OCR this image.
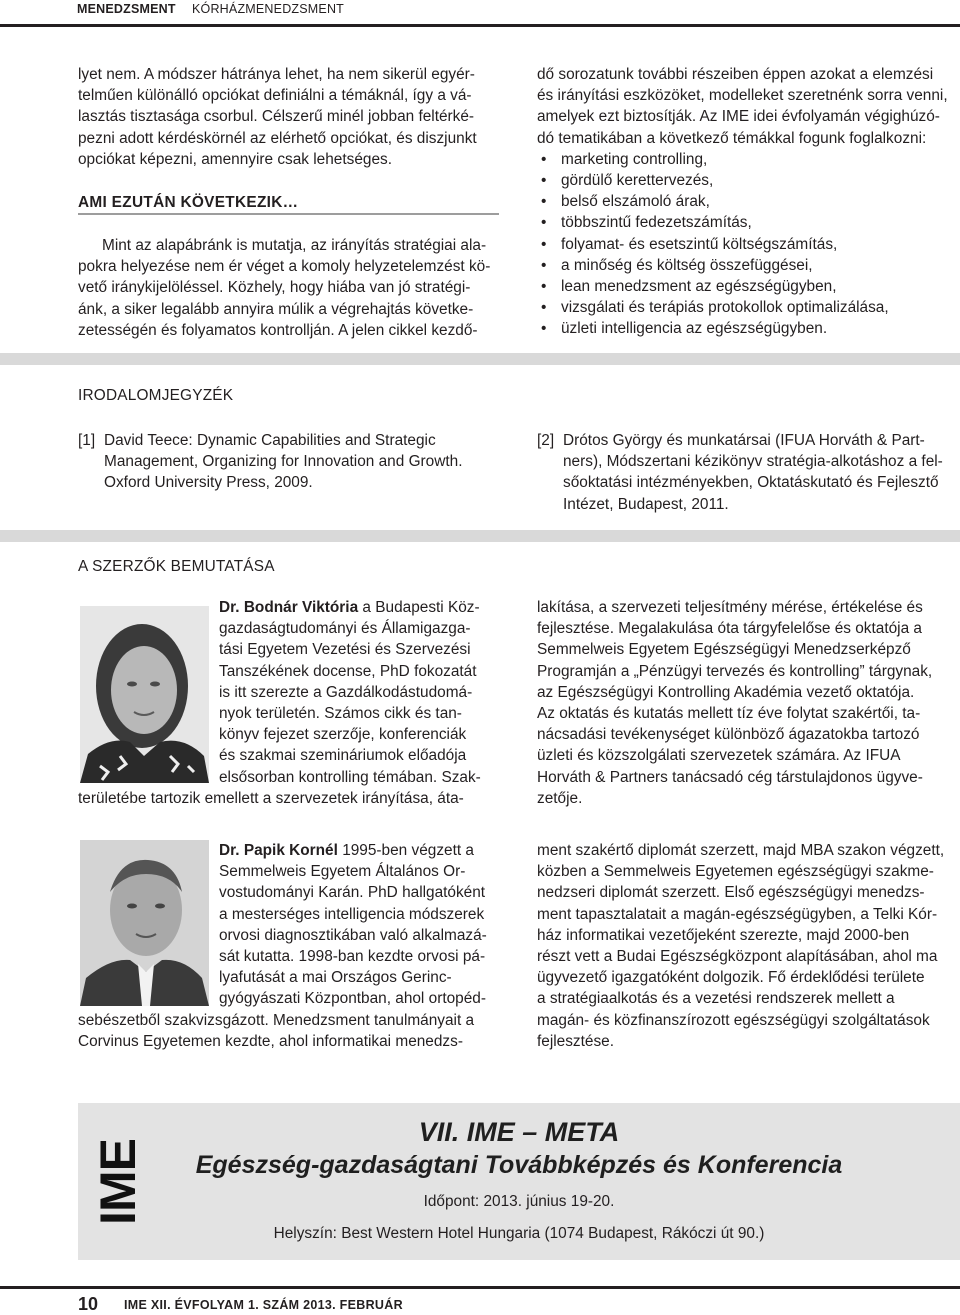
MENEDZSMENT KÓRHÁZMENEDZSMENT

lyet nem. A módszer hátránya lehet, ha nem sikerül egyér-

telműen különálló opciókat definiálni a témáknál, így a vá-

lasztás tisztasága csorbul. Célszerű minél jobban feltérké-

pezni adott kérdéskörnél az elérhető opciókat, és diszjunkt

opciókat képezni, amennyire csak lehetséges.

AMI EZUTÁN KÖVETKEZIK…

Mint az alapábránk is mutatja, az irányítás stratégiai ala-

pokra helyezése nem ér véget a komoly helyzetelemzést kö-

vető iránykijelöléssel. Közhely, hogy hiába van jó stratégi-

ánk, a siker legalább annyira múlik a végrehajtás követke-

zetességén és folyamatos kontrollján. A jelen cikkel kezdő-

dő sorozatunk további részeiben éppen azokat a elemzési

és irányítási eszközöket, modelleket szeretnénk sorra venni,

amelyek ezt biztosítják. Az IME idei évfolyamán végighúzó-

dó tematikában a következő témákkal fogunk foglalkozni:

• marketing controlling,
• gördülő kerettervezés,
• belső elszámoló árak,
• többszintű fedezetszámítás,
• folyamat- és esetszintű költségszámítás,
• a minőség és költség összefüggései,
• lean menedzsment az egészségügyben,
• vizsgálati és terápiás protokollok optimalizálása,
• üzleti intelligencia az egészségügyben.
IRODALOMJEGYZÉK
[1] David Teece: Dynamic Capabilities and Strategic
Management, Organizing for Innovation and Growth.
Oxford University Press, 2009.
[2] Drótos György és munkatársai (IFUA Horváth & Part-
ners), Módszertani kézikönyv stratégia-alkotáshoz a fel-
sőoktatási intézményekben, Oktatáskutató és Fejlesztő
Intézet, Budapest, 2011.
A SZERZŐK BEMUTATÁSA

Dr. Bodnár Viktória a Budapesti Köz-

gazdaságtudományi és Államigazga-

tási Egyetem Vezetési és Szervezési

Tanszékének docense, PhD fokozatát

is itt szerezte a Gazdálkodástudomá-

nyok területén. Számos cikk és tan-

könyv fejezet szerzője, konferenciák

és szakmai szemináriumok előadója

elsősorban kontrolling témában. Szak-

területébe tartozik emellett a szervezetek irányítása, áta-

lakítása, a szervezeti teljesítmény mérése, értékelése és

fejlesztése. Megalakulása óta tárgyfelelőse és oktatója a

Semmelweis Egyetem Egészségügyi Menedzserképző

Programján a „Pénzügyi tervezés és kontrolling” tárgynak,

az Egészségügyi Kontrolling Akadémia vezető oktatója.

Az oktatás és kutatás mellett tíz éve folytat szakértői, ta-

nácsadási tevékenységet különböző ágazatokba tartozó

üzleti és közszolgálati szervezetek számára. Az IFUA

Horváth & Partners tanácsadó cég társtulajdonos ügyve-

zetője.

Dr. Papik Kornél 1995-ben végzett a

Semmelweis Egyetem Általános Or-

vostudományi Karán. PhD hallgatóként

a mesterséges intelligencia módszerek

orvosi diagnosztikában való alkalmazá-

sát kutatta. 1998-ban kezdte orvosi pá-

lyafutását a mai Országos Gerinc-

gyógyászati Központban, ahol ortopéd-

sebészetből szakvizsgázott. Menedzsment tanulmányait a

Corvinus Egyetemen kezdte, ahol informatikai menedzs-

ment szakértő diplomát szerzett, majd MBA szakon végzett,

közben a Semmelweis Egyetemen egészségügyi szakme-

nedzseri diplomát szerzett. Első egészségügyi menedzs-

ment tapasztalatait a magán-egészségügyben, a Telki Kór-

ház informatikai vezetőjeként szerezte, majd 2000-ben

részt vett a Budai Egészségközpont alapításában, ahol ma

ügyvezető igazgatóként dolgozik. Fő érdeklődési területe

a stratégiaalkotás és a vezetési rendszerek mellett a

magán- és közfinanszírozott egészségügyi szolgáltatások

fejlesztése.

IME
VII. IME – META
Egészség-gazdaságtani Továbbképzés és Konferencia
Időpont: 2013. június 19-20.
Helyszín: Best Western Hotel Hungaria (1074 Budapest, Rákóczi út 90.)
10 IME XII. ÉVFOLYAM 1. SZÁM 2013. FEBRUÁR
